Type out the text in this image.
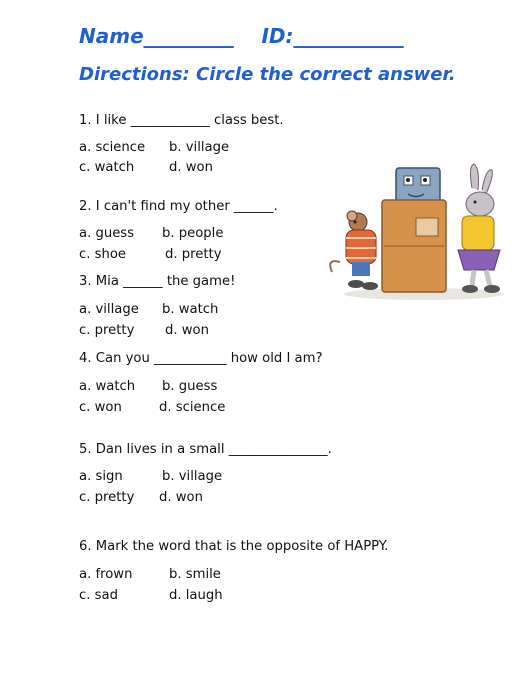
Name_________    ID:___________

Directions: Circle the correct answer.

1. I like ____________ class best.

a. science b. village

c. watch	d. won

2. I can't find my other ______.

a. guess b. people

c. shoe	d. pretty

3. Mia ______ the game!

a. village b. watch

c. pretty d. won

4. Can you ___________ how old I am?

a. watch b. guess

c. won	d. science

5. Dan lives in a small _______________.

a. sign	b. village

c. pretty d. won

6. Mark the word that is the opposite of HAPPY.

a. frown	b. smile

c. sad	d. laugh
